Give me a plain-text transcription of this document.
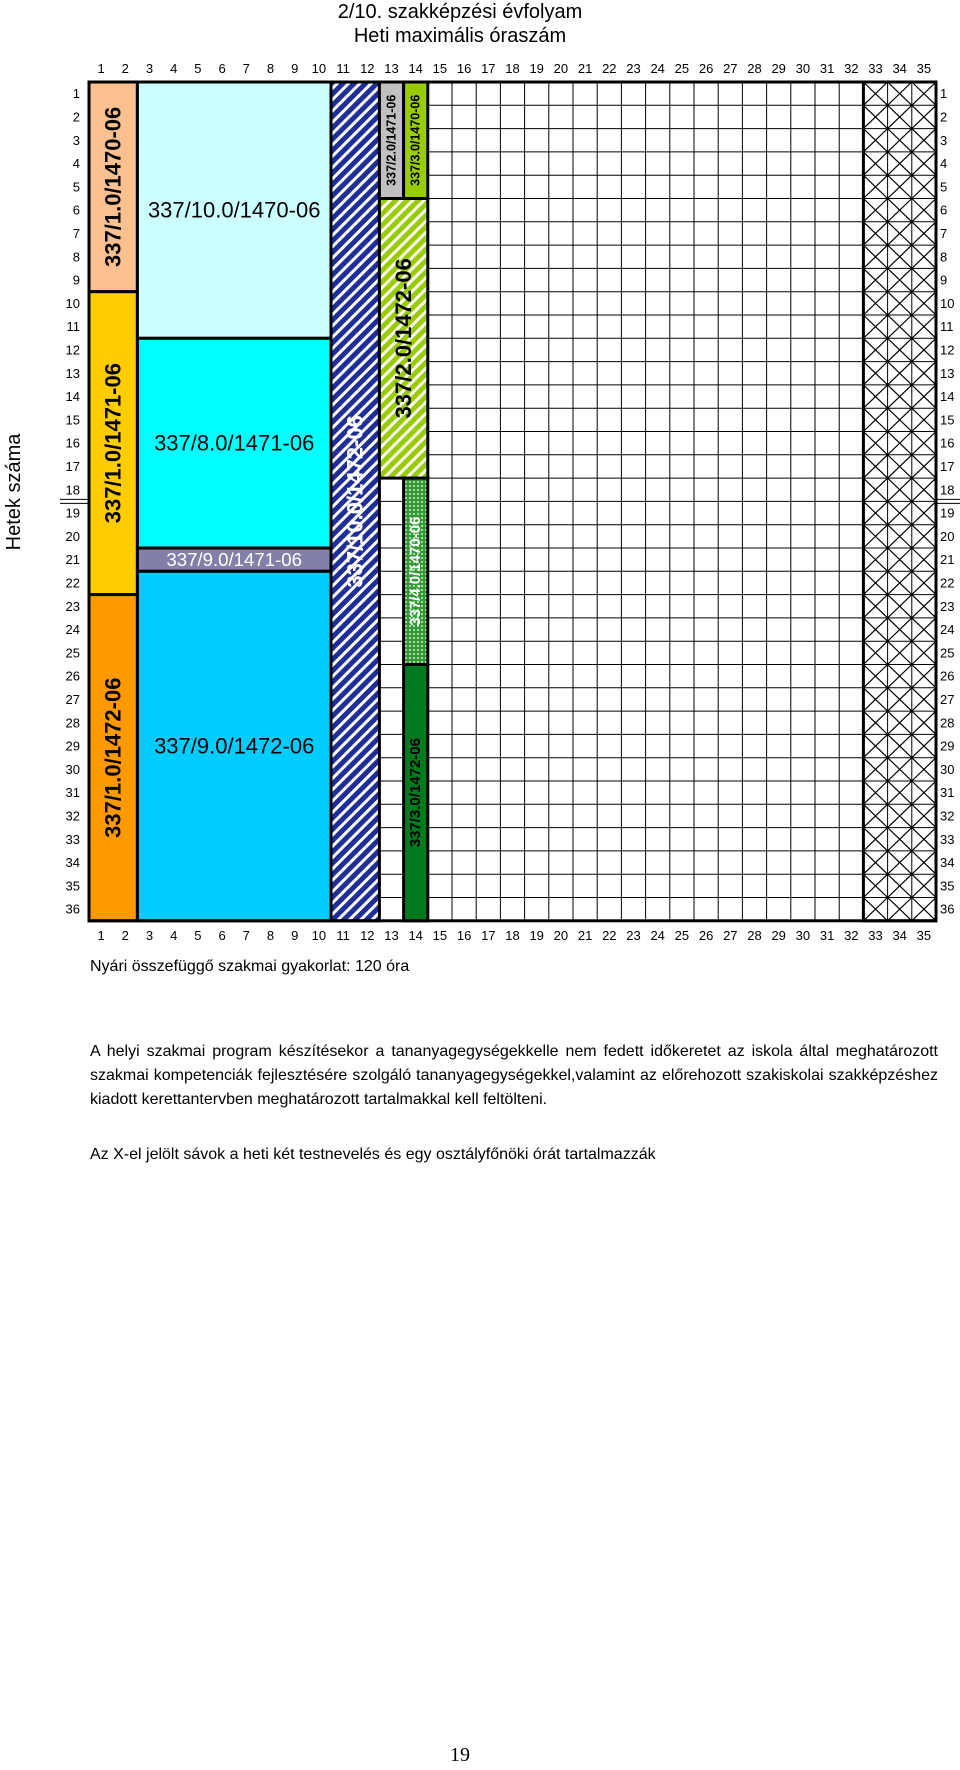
2/10. szakképzési évfolyam
Heti maximális óraszám
337/1.0/1470-06
337/1.0/1471-06
337/1.0/1472-06
337/10.0/1470-06
337/8.0/1471-06
337/9.0/1471-06
337/9.0/1472-06
337/10.0/1472-06
337/2.0/1471-06 337/3.0/1470-06
337/2.0/1472-06
337/4.0/1470-06
337/3.0/1472-06
1
1
2
2
3
3
4
4
5
5
6
6
7
7
8
8
9
9
10
10
11
11
12
12
13
13
14
14
15
15
16
16
17
17
18
18
19
19
20
20
21
21
22
22
23
23
24
24
25
25
26
26
27
27
28
28
29
29
30
30
31
31
32
32
33
33
34
34
35
35
1	1
2	2
3	3
4	4
5	5
6	6
7	7
8	8
9	9
10	10
11	11
12	12
13	13
14	14
15	15
16	16
17	17
18	18
19	19
20	20
21	21
22	22
23	23
24	24
25	25
26	26
27	27
28	28
29	29
30	30
31	31
32	32
33	33
34	34
35	35
36	36
Hetek száma
Nyári összefüggő szakmai gyakorlat: 120 óra
A helyi szakmai program készítésekor a tananyagegységekkelle nem fedett időkeretet az iskola által meghatározott szakmai kompetenciák fejlesztésére szolgáló tananyagegységekkel,valamint az előrehozott szakiskolai szakképzéshez kiadott kerettantervben meghatározott tartalmakkal kell feltölteni.
Az X-el jelölt sávok a heti két testnevelés és egy osztályfőnöki órát tartalmazzák
19
